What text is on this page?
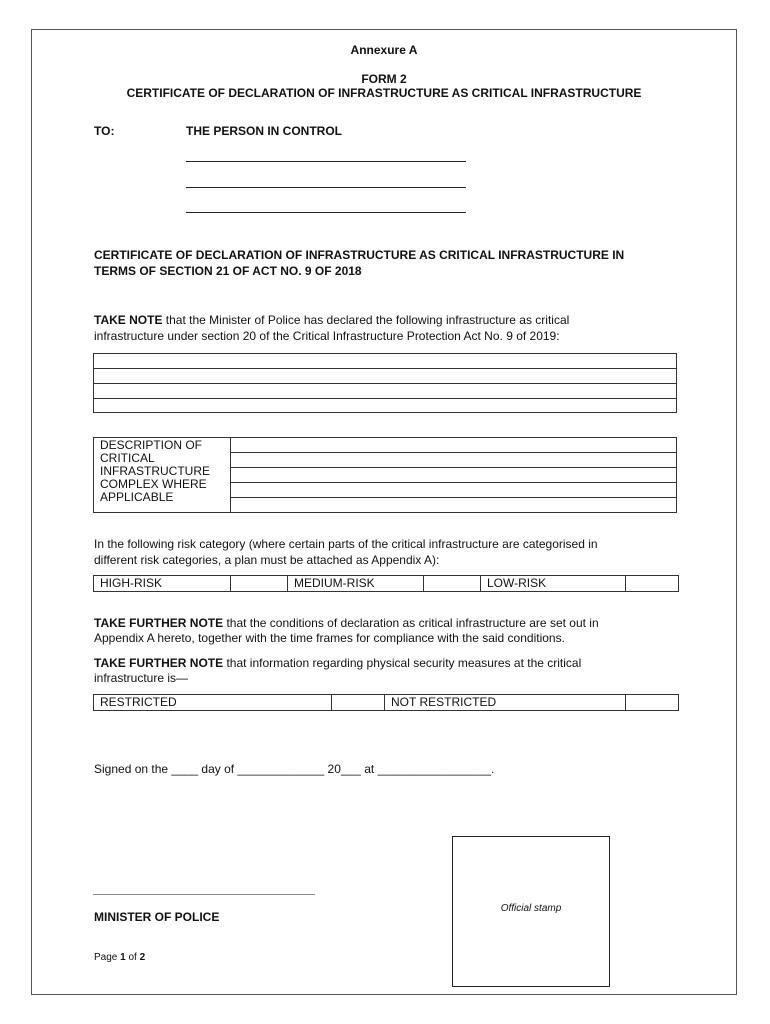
Annexure A
FORM 2
CERTIFICATE OF DECLARATION OF INFRASTRUCTURE AS CRITICAL INFRASTRUCTURE
TO:	THE PERSON IN CONTROL
CERTIFICATE OF DECLARATION OF INFRASTRUCTURE AS CRITICAL INFRASTRUCTURE IN
TERMS OF SECTION 21 OF ACT NO. 9 OF 2018
TAKE NOTE that the Minister of Police has declared the following infrastructure as critical
infrastructure under section 20 of the Critical Infrastructure Protection Act No. 9 of 2019:

DESCRIPTION OF
CRITICAL
INFRASTRUCTURE
COMPLEX WHERE
APPLICABLE

In the following risk category (where certain parts of the critical infrastructure are categorised in
different risk categories, a plan must be attached as Appendix A):
HIGH-RISK		MEDIUM-RISK		LOW-RISK	
TAKE FURTHER NOTE that the conditions of declaration as critical infrastructure are set out in
Appendix A hereto, together with the time frames for compliance with the said conditions.
TAKE FURTHER NOTE that information regarding physical security measures at the critical
infrastructure is—
RESTRICTED		NOT RESTRICTED	
Signed on the ____ day of _____________ 20___ at _________________.
MINISTER OF POLICE
Official stamp
Page 1 of 2
